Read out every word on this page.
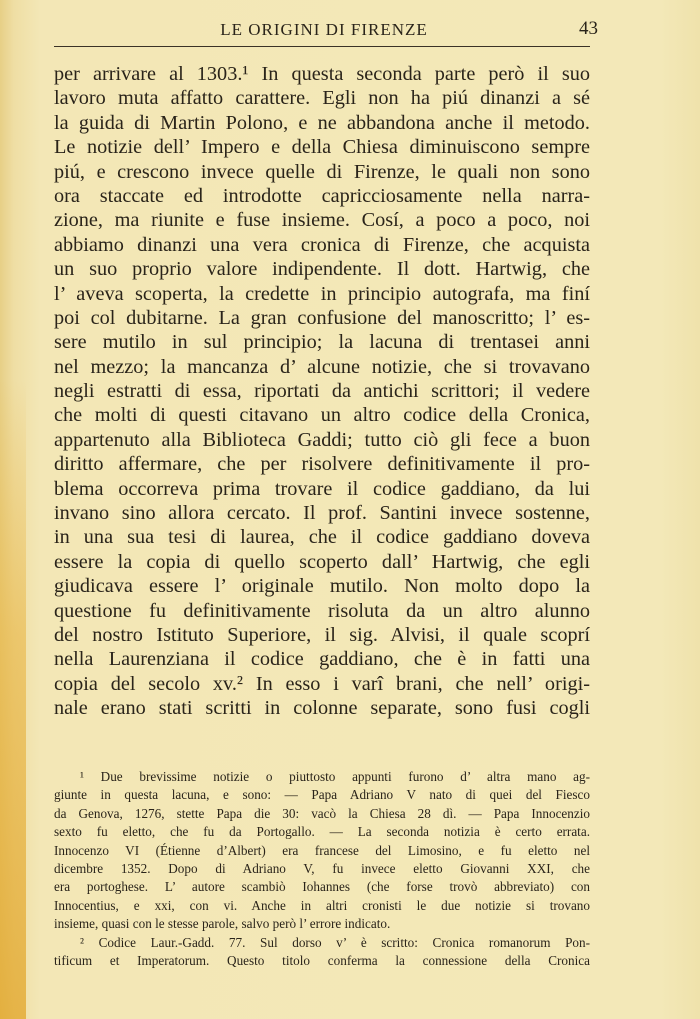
LE ORIGINI DI FIRENZE	43
per arrivare al 1303.¹ In questa seconda parte però il suo
lavoro muta affatto carattere. Egli non ha piú dinanzi a sé
la guida di Martin Polono, e ne abbandona anche il metodo.
Le notizie dell’ Impero e della Chiesa diminuiscono sempre
piú, e crescono invece quelle di Firenze, le quali non sono
ora staccate ed introdotte capricciosamente nella narra-
zione, ma riunite e fuse insieme. Cosí, a poco a poco, noi
abbiamo dinanzi una vera cronica di Firenze, che acquista
un suo proprio valore indipendente. Il dott. Hartwig, che
l’ aveva scoperta, la credette in principio autografa, ma finí
poi col dubitarne. La gran confusione del manoscritto; l’ es-
sere mutilo in sul principio; la lacuna di trentasei anni
nel mezzo; la mancanza d’ alcune notizie, che si trovavano
negli estratti di essa, riportati da antichi scrittori; il vedere
che molti di questi citavano un altro codice della Cronica,
appartenuto alla Biblioteca Gaddi; tutto ciò gli fece a buon
diritto affermare, che per risolvere definitivamente il pro-
blema occorreva prima trovare il codice gaddiano, da lui
invano sino allora cercato. Il prof. Santini invece sostenne,
in una sua tesi di laurea, che il codice gaddiano doveva
essere la copia di quello scoperto dall’ Hartwig, che egli
giudicava essere l’ originale mutilo. Non molto dopo la
questione fu definitivamente risoluta da un altro alunno
del nostro Istituto Superiore, il sig. Alvisi, il quale scoprí
nella Laurenziana il codice gaddiano, che è in fatti una
copia del secolo xv.² In esso i varî brani, che nell’ origi-
nale erano stati scritti in colonne separate, sono fusi cogli
¹ Due brevissime notizie o piuttosto appunti furono d’ altra mano ag-
giunte in questa lacuna, e sono: — Papa Adriano V nato di quei del Fiesco
da Genova, 1276, stette Papa die 30: vacò la Chiesa 28 dì. — Papa Innocenzio
sexto fu eletto, che fu da Portogallo. — La seconda notizia è certo errata.
Innocenzo VI (Étienne d’Albert) era francese del Limosino, e fu eletto nel
dicembre 1352. Dopo di Adriano V, fu invece eletto Giovanni XXI, che
era portoghese. L’ autore scambiò Iohannes (che forse trovò abbreviato) con
Innocentius, e xxi, con vi. Anche in altri cronisti le due notizie si trovano
insieme, quasi con le stesse parole, salvo però l’ errore indicato.
² Codice Laur.-Gadd. 77. Sul dorso v’ è scritto: Cronica romanorum Pon-
tificum et Imperatorum. Questo titolo conferma la connessione della Cronica
